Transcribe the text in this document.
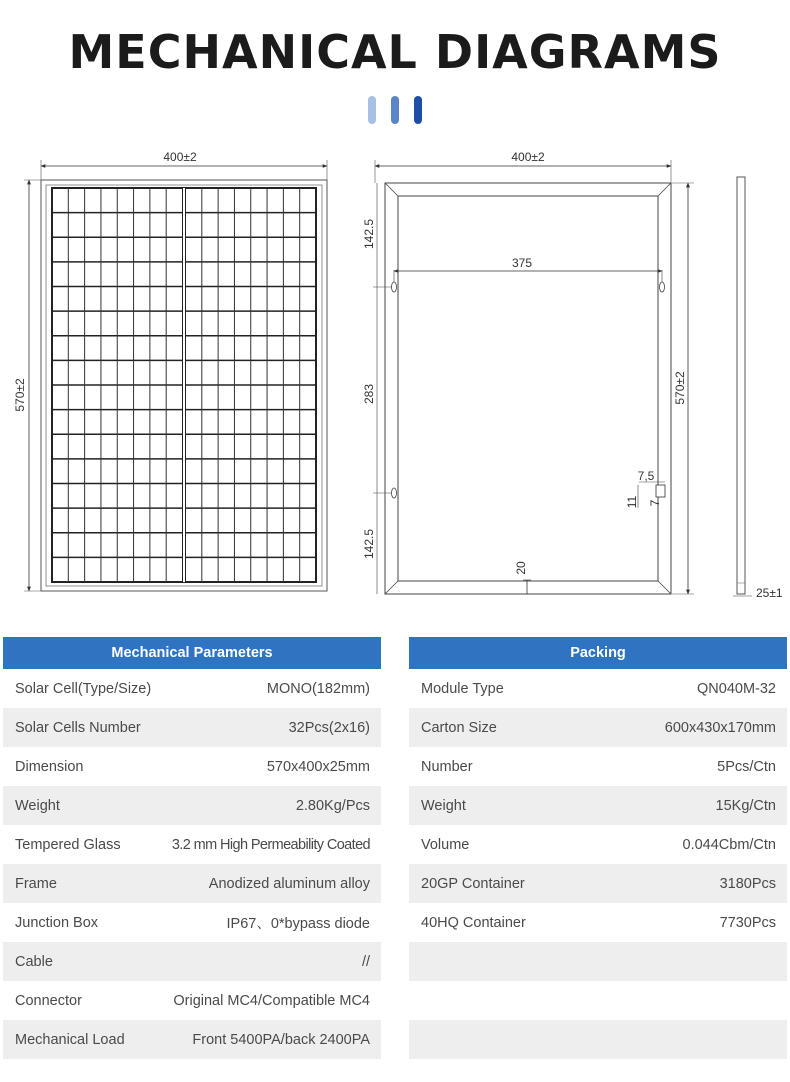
MECHANICAL DIAGRAMS
400±2
570±2
400±2
142.5
283
142.5
375
570±2
7,5
11 7
20
25±1
Mechanical Parameters
Solar Cell(Type/Size)	MONO(182mm)
Solar Cells Number	32Pcs(2x16)
Dimension	570x400x25mm
Weight	2.80Kg/Pcs
Tempered Glass	3.2 mm High Permeability Coated
Frame	Anodized aluminum alloy
Junction Box	IP67、0*bypass diode
Cable	//
Connector	Original MC4/Compatible MC4
Mechanical Load	Front 5400PA/back 2400PA
Packing
Module Type	QN040M-32
Carton Size	600x430x170mm
Number	5Pcs/Ctn
Weight	15Kg/Ctn
Volume	0.044Cbm/Ctn
20GP Container	3180Pcs
40HQ Container	7730Pcs
